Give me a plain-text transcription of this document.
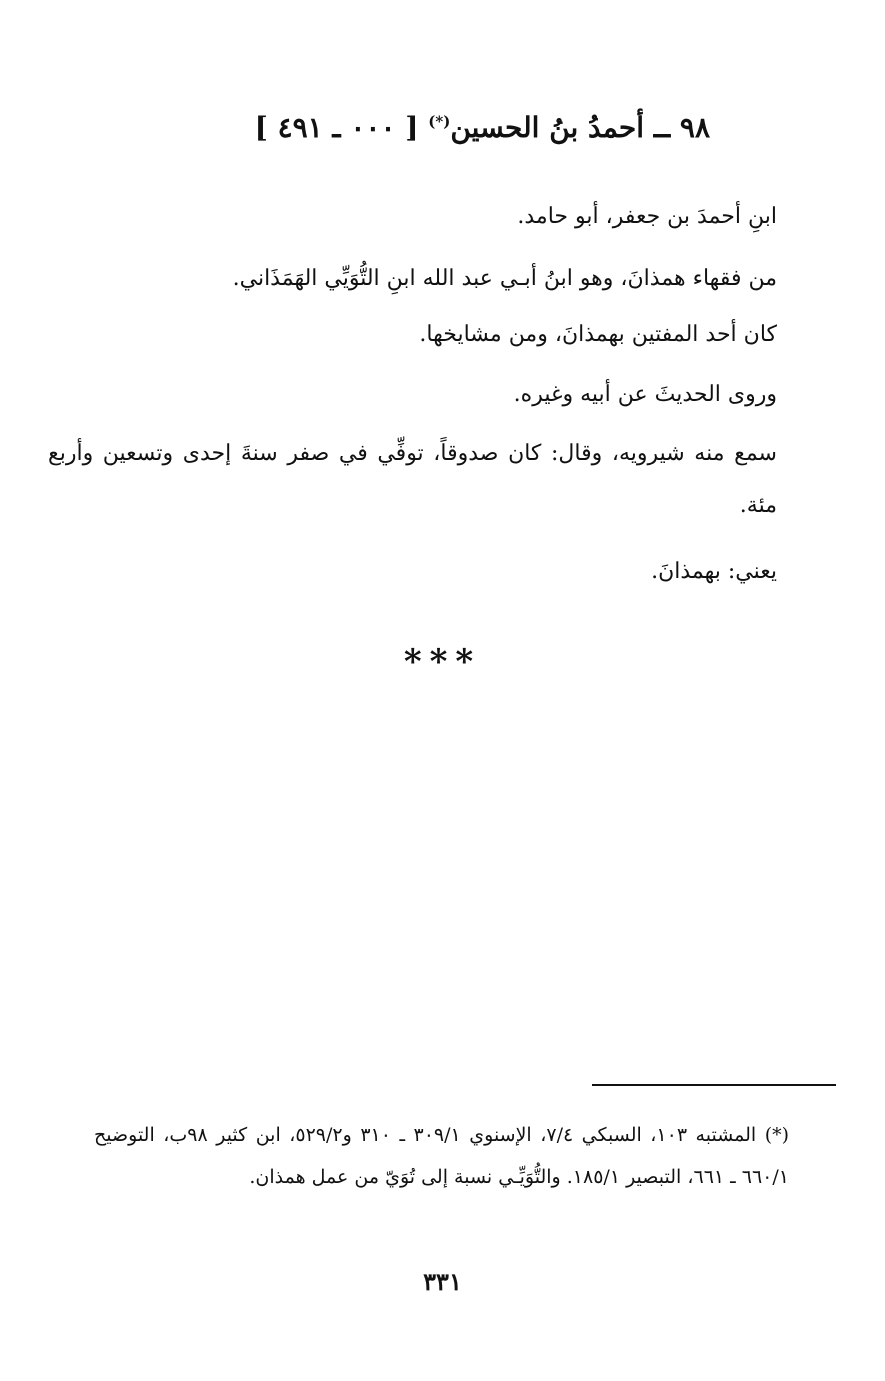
٩٨ ــ أحمدُ بنُ الحسين(*) [ ٠٠٠ ـ ٤٩١ ]
ابنِ أحمدَ بن جعفر، أبو حامد.
من فقهاء همذانَ، وهو ابنُ أبـي عبد الله ابنِ التُّوَيِّي الهَمَذَاني.
كان أحد المفتين بهمذانَ، ومن مشايخها.
وروى الحديثَ عن أبيه وغيره.
سمع منه شيرويه، وقال: كان صدوقاً، توفِّي في صفر سنةَ إحدى وتسعين وأربع مئة.
يعني: بهمذانَ.
***
(*) المشتبه ١٠٣، السبكي ٧/٤، الإسنوي ٣٠٩/١ ـ ٣١٠ و٥٢٩/٢، ابن كثير ٩٨ب، التوضيح ٦٦٠/١ ـ ٦٦١، التبصير ١٨٥/١. والتُّوَيِّـي نسبة إلى تُوَيّ من عمل همذان.
٣٣١
